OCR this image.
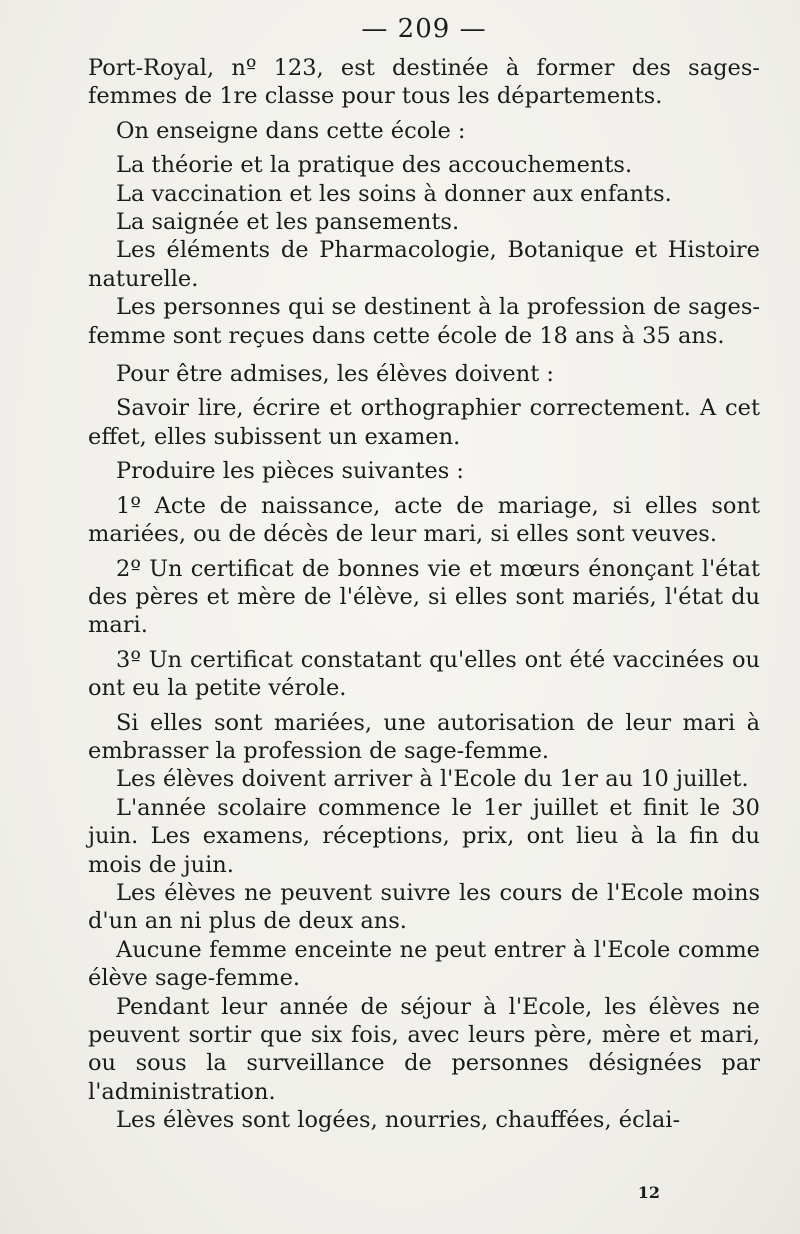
— 209 —

Port-Royal, nº 123, est destinée à former des sages-femmes de 1re classe pour tous les départements.

On enseigne dans cette école :

La théorie et la pratique des accouchements.

La vaccination et les soins à donner aux enfants.

La saignée et les pansements.

Les éléments de Pharmacologie, Botanique et Histoire naturelle.

Les personnes qui se destinent à la profession de sages-femme sont reçues dans cette école de 18 ans à 35 ans.

Pour être admises, les élèves doivent :

Savoir lire, écrire et orthographier correctement. A cet effet, elles subissent un examen.

Produire les pièces suivantes :

1º Acte de naissance, acte de mariage, si elles sont mariées, ou de décès de leur mari, si elles sont veuves.

2º Un certificat de bonnes vie et mœurs énonçant l'état des pères et mère de l'élève, si elles sont mariés, l'état du mari.

3º Un certificat constatant qu'elles ont été vaccinées ou ont eu la petite vérole.

Si elles sont mariées, une autorisation de leur mari à embrasser la profession de sage-femme.

Les élèves doivent arriver à l'Ecole du 1er au 10 juillet.

L'année scolaire commence le 1er juillet et finit le 30 juin. Les examens, réceptions, prix, ont lieu à la fin du mois de juin.

Les élèves ne peuvent suivre les cours de l'Ecole moins d'un an ni plus de deux ans.

Aucune femme enceinte ne peut entrer à l'Ecole comme élève sage-femme.

Pendant leur année de séjour à l'Ecole, les élèves ne peuvent sortir que six fois, avec leurs père, mère et mari, ou sous la surveillance de personnes désignées par l'administration.

Les élèves sont logées, nourries, chauffées, éclai-

12
